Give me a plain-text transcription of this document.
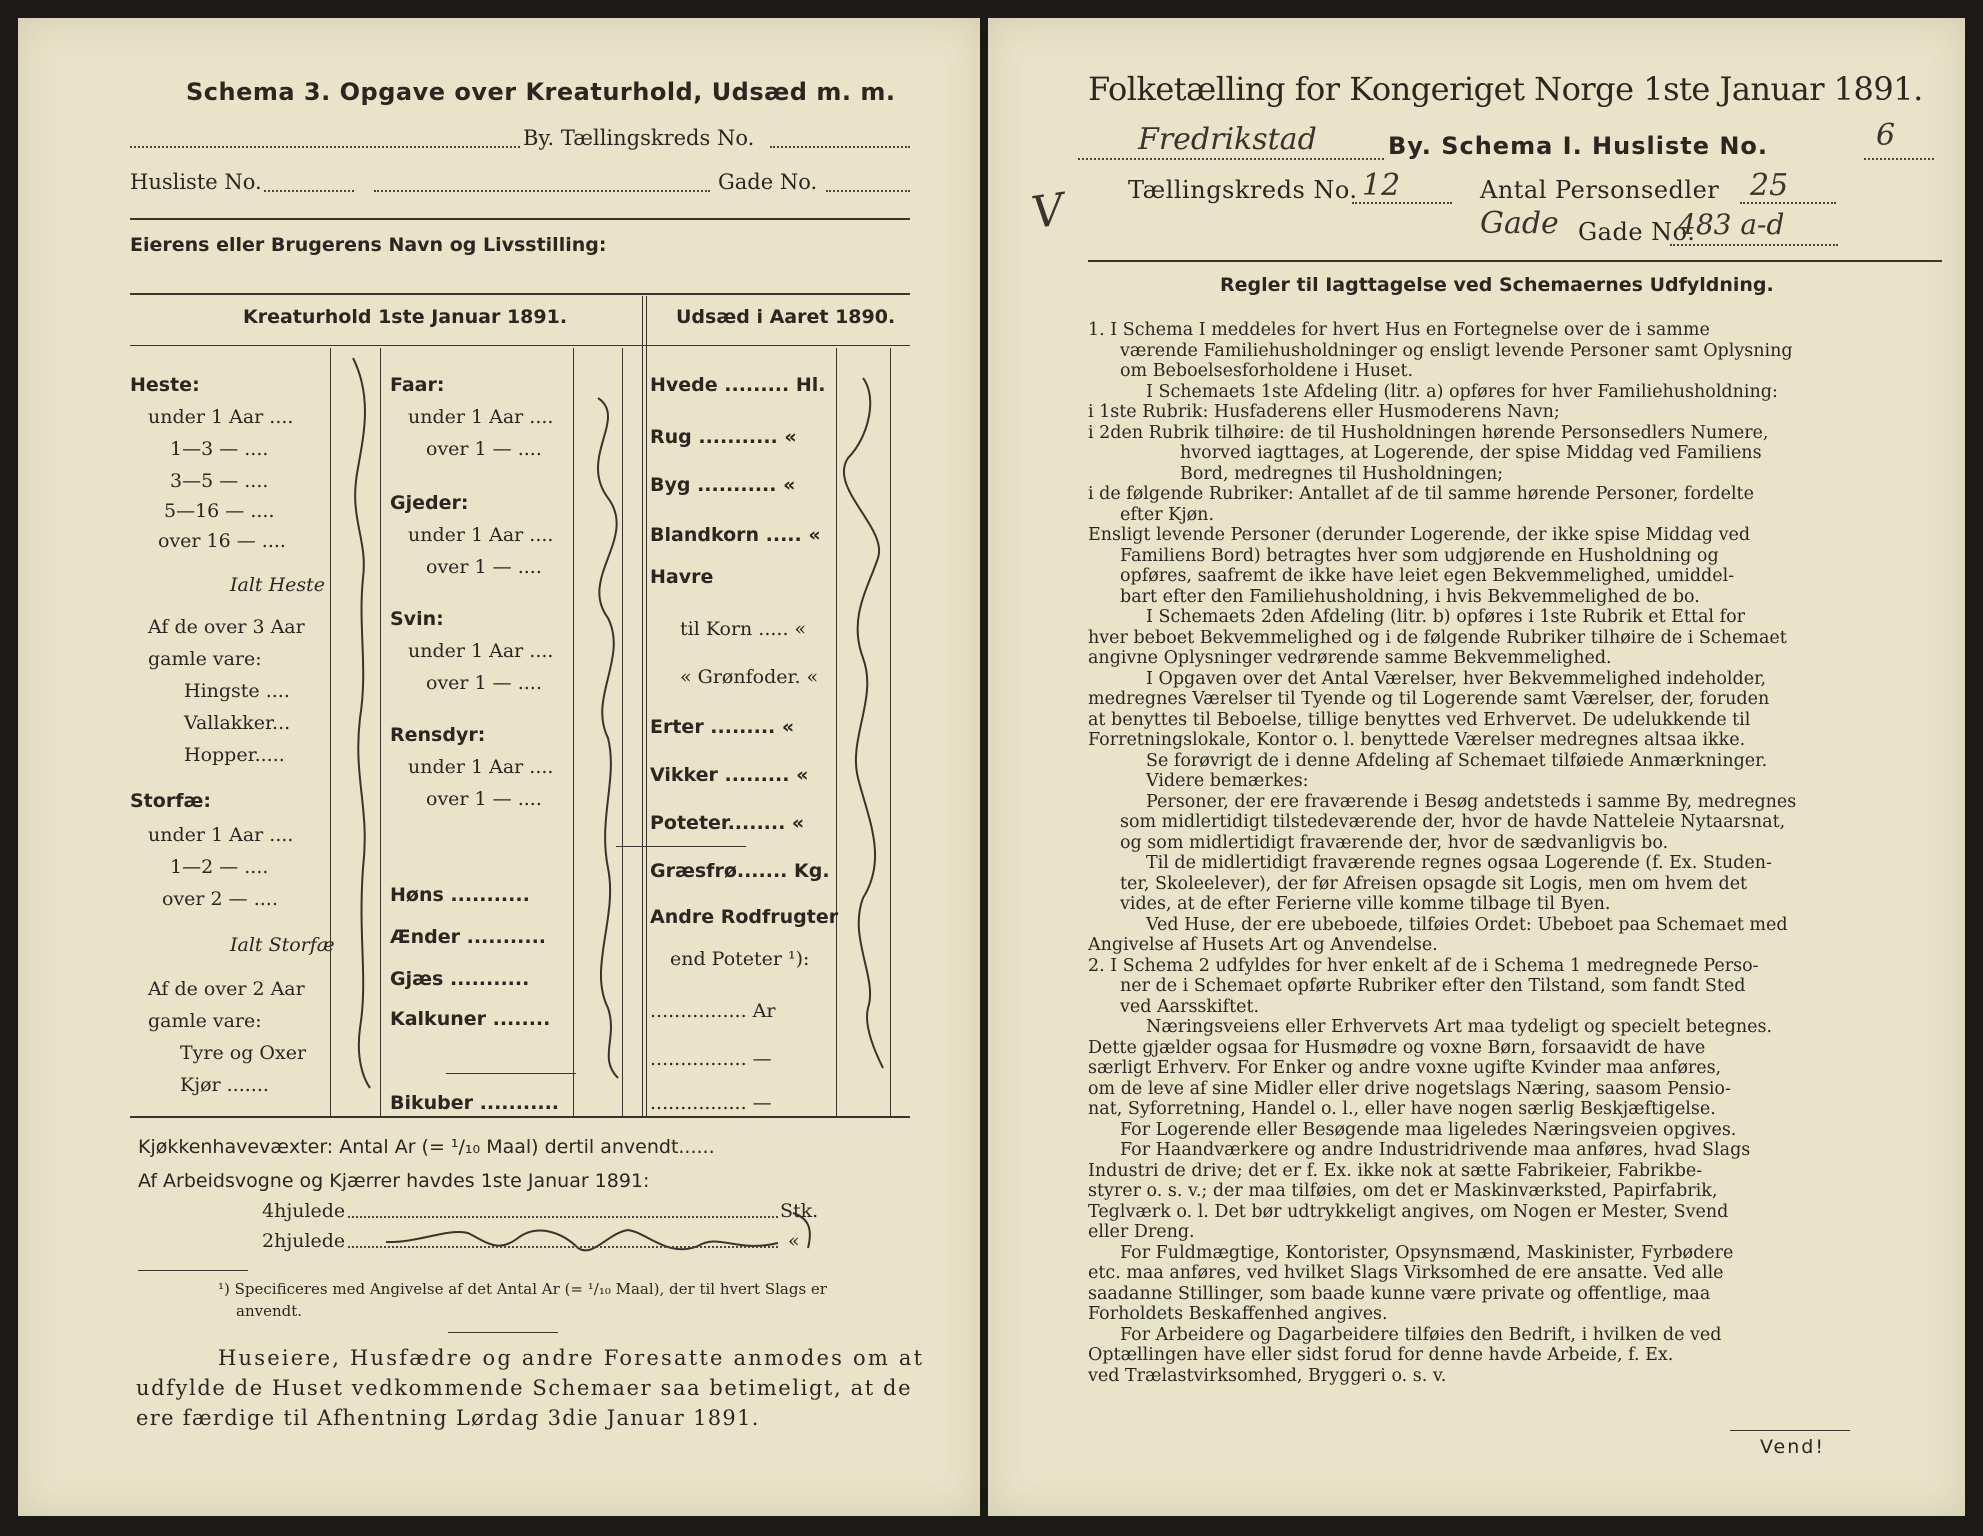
Schema 3. Opgave over Kreaturhold, Udsæd m. m.
By. Tællingskreds No.
Husliste No.	Gade No.
Eierens eller Brugerens Navn og Livsstilling:
Kreaturhold 1ste Januar 1891.	Udsæd i Aaret 1890.
Heste:
under 1 Aar ....
1—3 — ....
3—5 — ....
5—16 — ....
over 16 — ....
Ialt Heste
Af de over 3 Aar
gamle vare:
Hingste ....
Vallakker...
Hopper.....
Storfæ:
under 1 Aar ....
1—2 — ....
over 2 — ....
Ialt Storfæ
Af de over 2 Aar
gamle vare:
Tyre og Oxer
Kjør .......
Faar:
under 1 Aar ....
over 1 — ....
Gjeder:
under 1 Aar ....
over 1 — ....
Svin:
under 1 Aar ....
over 1 — ....
Rensdyr:
under 1 Aar ....
over 1 — ....
Høns ...........
Ænder ...........
Gjæs ...........
Kalkuner ........
Bikuber ...........
Hvede ......... Hl.
Rug ........... «
Byg ........... «
Blandkorn ..... «
Havre
til Korn ..... «
« Grønfoder. «
Erter ......... «
Vikker ......... «
Poteter........ «
Græsfrø....... Kg.
Andre Rodfrugter
end Poteter ¹):
................ Ar
................ —
................ —
Kjøkkenhavevæxter: Antal Ar (= ¹/₁₀ Maal) dertil anvendt......
Af Arbeidsvogne og Kjærrer havdes 1ste Januar 1891:
4hjulede	Stk.
2hjulede	«
¹) Specificeres med Angivelse af det Antal Ar (= ¹/₁₀ Maal), der til hvert Slags er
anvendt.
Huseiere, Husfædre og andre Foresatte anmodes om at
udfylde de Huset vedkommende Schemaer saa betimeligt, at de
ere færdige til Afhentning Lørdag 3die Januar 1891.
Folketælling for Kongeriget Norge 1ste Januar 1891.
Fredrikstad	By. Schema I. Husliste No.	6
Tællingskreds No. 12	Antal Personsedler 25
Gade Gade No.
483 a-d
V
Regler til Iagttagelse ved Schemaernes Udfyldning.

1. I Schema I meddeles for hvert Hus en Fortegnelse over de i samme

værende Familiehusholdninger og ensligt levende Personer samt Oplysning

om Beboelsesforholdene i Huset.

I Schemaets 1ste Afdeling (litr. a) opføres for hver Familiehusholdning:

i 1ste Rubrik: Husfaderens eller Husmoderens Navn;

i 2den Rubrik tilhøire: de til Husholdningen hørende Personsedlers Numere,

hvorved iagttages, at Logerende, der spise Middag ved Familiens

Bord, medregnes til Husholdningen;

i de følgende Rubriker: Antallet af de til samme hørende Personer, fordelte

efter Kjøn.

Ensligt levende Personer (derunder Logerende, der ikke spise Middag ved

Familiens Bord) betragtes hver som udgjørende en Husholdning og

opføres, saafremt de ikke have leiet egen Bekvemmelighed, umiddel-

bart efter den Familiehusholdning, i hvis Bekvemmelighed de bo.

I Schemaets 2den Afdeling (litr. b) opføres i 1ste Rubrik et Ettal for

hver beboet Bekvemmelighed og i de følgende Rubriker tilhøire de i Schemaet

angivne Oplysninger vedrørende samme Bekvemmelighed.

I Opgaven over det Antal Værelser, hver Bekvemmelighed indeholder,

medregnes Værelser til Tyende og til Logerende samt Værelser, der, foruden

at benyttes til Beboelse, tillige benyttes ved Erhvervet. De udelukkende til

Forretningslokale, Kontor o. l. benyttede Værelser medregnes altsaa ikke.

Se forøvrigt de i denne Afdeling af Schemaet tilføiede Anmærkninger.

Videre bemærkes:

Personer, der ere fraværende i Besøg andetsteds i samme By, medregnes

som midlertidigt tilstedeværende der, hvor de havde Natteleie Nytaarsnat,

og som midlertidigt fraværende der, hvor de sædvanligvis bo.

Til de midlertidigt fraværende regnes ogsaa Logerende (f. Ex. Studen-

ter, Skoleelever), der før Afreisen opsagde sit Logis, men om hvem det

vides, at de efter Ferierne ville komme tilbage til Byen.

Ved Huse, der ere ubeboede, tilføies Ordet: Ubeboet paa Schemaet med

Angivelse af Husets Art og Anvendelse.

2. I Schema 2 udfyldes for hver enkelt af de i Schema 1 medregnede Perso-

ner de i Schemaet opførte Rubriker efter den Tilstand, som fandt Sted

ved Aarsskiftet.

Næringsveiens eller Erhvervets Art maa tydeligt og specielt betegnes.

Dette gjælder ogsaa for Husmødre og voxne Børn, forsaavidt de have

særligt Erhverv. For Enker og andre voxne ugifte Kvinder maa anføres,

om de leve af sine Midler eller drive nogetslags Næring, saasom Pensio-

nat, Syforretning, Handel o. l., eller have nogen særlig Beskjæftigelse.

For Logerende eller Besøgende maa ligeledes Næringsveien opgives.

For Haandværkere og andre Industridrivende maa anføres, hvad Slags

Industri de drive; det er f. Ex. ikke nok at sætte Fabrikeier, Fabrikbe-

styrer o. s. v.; der maa tilføies, om det er Maskinværksted, Papirfabrik,

Teglværk o. l. Det bør udtrykkeligt angives, om Nogen er Mester, Svend

eller Dreng.

For Fuldmægtige, Kontorister, Opsynsmænd, Maskinister, Fyrbødere

etc. maa anføres, ved hvilket Slags Virksomhed de ere ansatte. Ved alle

saadanne Stillinger, som baade kunne være private og offentlige, maa

Forholdets Beskaffenhed angives.

For Arbeidere og Dagarbeidere tilføies den Bedrift, i hvilken de ved

Optællingen have eller sidst forud for denne havde Arbeide, f. Ex.

ved Trælastvirksomhed, Bryggeri o. s. v.

Vend!
